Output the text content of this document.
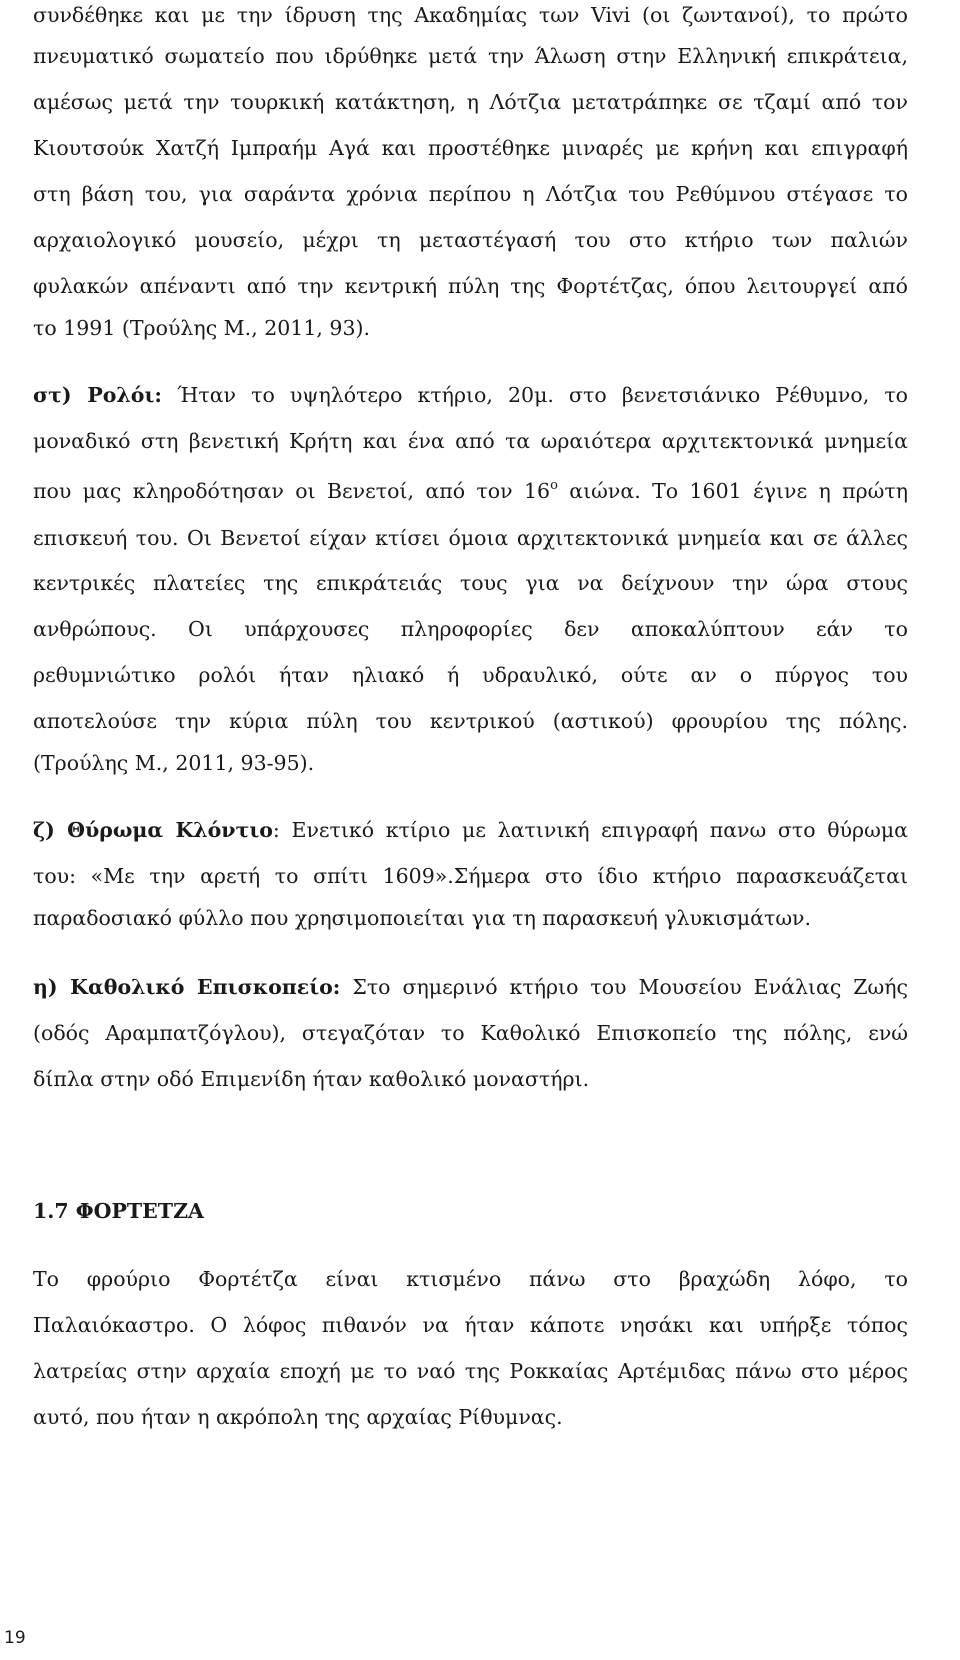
συνδέθηκε και με την ίδρυση της Ακαδημίας των Vivi (οι ζωντανοί), το πρώτο
πνευματικό σωματείο που ιδρύθηκε μετά την Άλωση στην Ελληνική επικράτεια,
αμέσως μετά την τουρκική κατάκτηση, η Λότζια μετατράπηκε σε τζαμί από τον
Κιουτσούκ Χατζή Ιμπραήμ Αγά και προστέθηκε μιναρές με κρήνη και επιγραφή
στη βάση του, για σαράντα χρόνια περίπου η Λότζια του Ρεθύμνου στέγασε το
αρχαιολογικό μουσείο, μέχρι τη μεταστέγασή του στο κτήριο των παλιών
φυλακών απέναντι από την κεντρική πύλη της Φορτέτζας, όπου λειτουργεί από
το 1991 (Τρούλης Μ., 2011, 93).
στ) Ρολόι: Ήταν το υψηλότερο κτήριο, 20μ. στο βενετσιάνικο Ρέθυμνο, το
μοναδικό στη βενετική Κρήτη και ένα από τα ωραιότερα αρχιτεκτονικά μνημεία
που μας κληροδότησαν οι Βενετοί, από τον $16^o$ αιώνα. Το 1601 έγινε η πρώτη
επισκευή του. Οι Βενετοί είχαν κτίσει όμοια αρχιτεκτονικά μνημεία και σε άλλες
κεντρικές πλατείες της επικράτειάς τους για να δείχνουν την ώρα στους
ανθρώπους. Οι υπάρχουσες πληροφορίες δεν αποκαλύπτουν εάν το
ρεθυμνιώτικο ρολόι ήταν ηλιακό ή υδραυλικό, ούτε αν ο πύργος του
αποτελούσε την κύρια πύλη του κεντρικού (αστικού) φρουρίου της πόλης.
(Τρούλης Μ., 2011, 93-95).
ζ) Θύρωμα Κλόντιο: Ενετικό κτίριο με λατινική επιγραφή πανω στο θύρωμα
του: «Με την αρετή το σπίτι 1609».Σήμερα στο ίδιο κτήριο παρασκευάζεται
παραδοσιακό φύλλο που χρησιμοποιείται για τη παρασκευή γλυκισμάτων.
η) Καθολικό Επισκοπείο: Στο σημερινό κτήριο του Μουσείου Ενάλιας Ζωής
(οδός Αραμπατζόγλου), στεγαζόταν το Καθολικό Επισκοπείο της πόλης, ενώ
δίπλα στην οδό Επιμενίδη ήταν καθολικό μοναστήρι.
1.7 ΦΟΡΤΕΤΖΑ
Το φρούριο Φορτέτζα είναι κτισμένο πάνω στο βραχώδη λόφο, το
Παλαιόκαστρο. Ο λόφος πιθανόν να ήταν κάποτε νησάκι και υπήρξε τόπος
λατρείας στην αρχαία εποχή με το ναό της Ροκκαίας Αρτέμιδας πάνω στο μέρος
αυτό, που ήταν η ακρόπολη της αρχαίας Ρίθυμνας.
19
